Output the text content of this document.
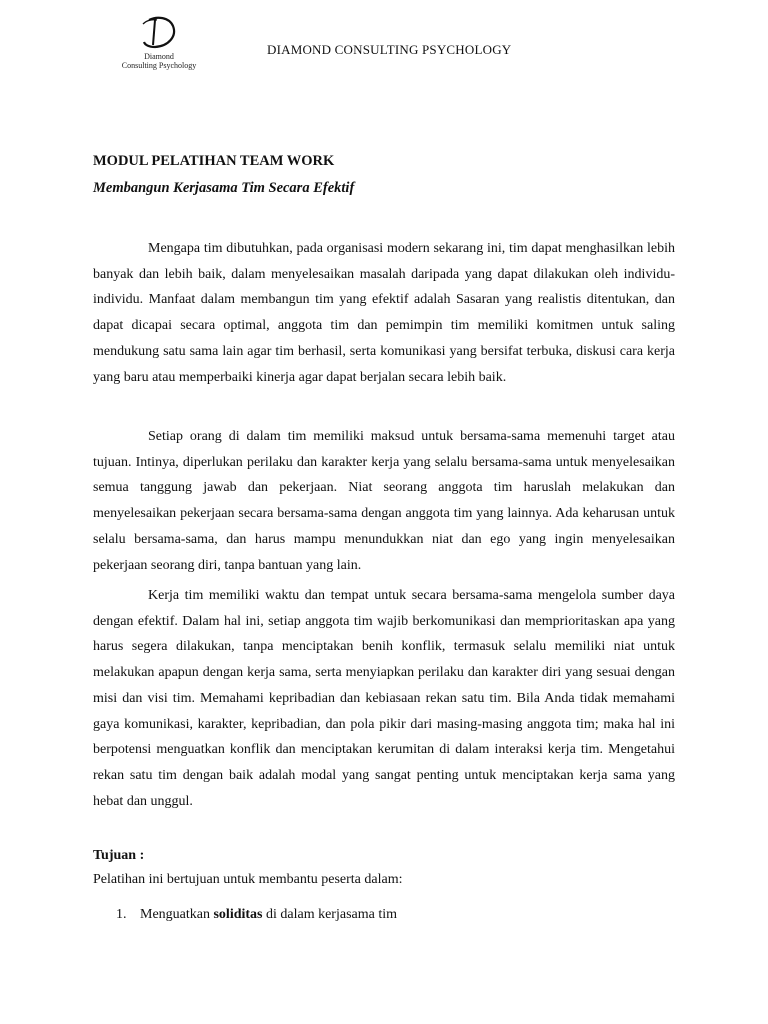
Diamond
Consulting Psychology
DIAMOND CONSULTING PSYCHOLOGY
MODUL PELATIHAN TEAM WORK
Membangun Kerjasama Tim Secara Efektif

Mengapa tim dibutuhkan, pada organisasi modern sekarang ini, tim dapat menghasilkan lebih banyak dan lebih baik, dalam menyelesaikan masalah daripada yang dapat dilakukan oleh individu-individu. Manfaat dalam membangun tim yang efektif adalah Sasaran yang realistis ditentukan, dan dapat dicapai secara optimal, anggota tim dan pemimpin tim memiliki komitmen untuk saling mendukung satu sama lain agar tim berhasil, serta komunikasi yang bersifat terbuka, diskusi cara kerja yang baru atau memperbaiki kinerja agar dapat berjalan secara lebih baik.

Setiap orang di dalam tim memiliki maksud untuk bersama-sama memenuhi target atau tujuan. Intinya, diperlukan perilaku dan karakter kerja yang selalu bersama-sama untuk menyelesaikan semua tanggung jawab dan pekerjaan. Niat seorang anggota tim haruslah melakukan dan menyelesaikan pekerjaan secara bersama-sama dengan anggota tim yang lainnya. Ada keharusan untuk selalu bersama-sama, dan harus mampu menundukkan niat dan ego yang ingin menyelesaikan pekerjaan seorang diri, tanpa bantuan yang lain.

Kerja tim memiliki waktu dan tempat untuk secara bersama-sama mengelola sumber daya dengan efektif. Dalam hal ini, setiap anggota tim wajib berkomunikasi dan memprioritaskan apa yang harus segera dilakukan, tanpa menciptakan benih konflik, termasuk selalu memiliki niat untuk melakukan apapun dengan kerja sama, serta menyiapkan perilaku dan karakter diri yang sesuai dengan misi dan visi tim. Memahami kepribadian dan kebiasaan rekan satu tim. Bila Anda tidak memahami gaya komunikasi, karakter, kepribadian, dan pola pikir dari masing-masing anggota tim; maka hal ini berpotensi menguatkan konflik dan menciptakan kerumitan di dalam interaksi kerja tim. Mengetahui rekan satu tim dengan baik adalah modal yang sangat penting untuk menciptakan kerja sama yang hebat dan unggul.

Tujuan :
Pelatihan ini bertujuan untuk membantu peserta dalam:
1. Menguatkan soliditas di dalam kerjasama tim
